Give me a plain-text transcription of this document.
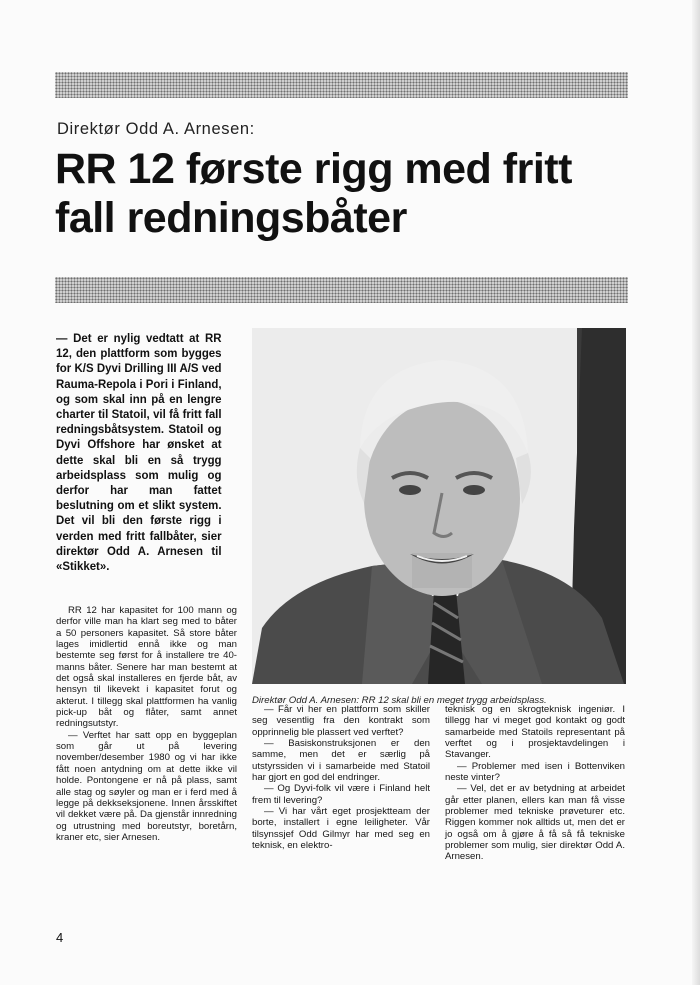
Direktør Odd A. Arnesen:
RR 12 første rigg med fritt fall redningsbåter

— Det er nylig vedtatt at RR 12, den plattform som bygges for K/S Dyvi Drilling III A/S ved Rauma-Repola i Pori i Finland, og som skal inn på en lengre charter til Statoil, vil få fritt fall redningsbåtsystem. Statoil og Dyvi Offshore har ønsket at dette skal bli en så trygg arbeidsplass som mulig og derfor har man fattet beslutning om et slikt system. Det vil bli den første rigg i verden med fritt fallbåter, sier direktør Odd A. Arnesen til «Stikket».

Direktør Odd A. Arnesen: RR 12 skal bli en meget trygg arbeidsplass.

RR 12 har kapasitet for 100 mann og derfor ville man ha klart seg med to båter a 50 personers kapasitet. Så store båter lages imidlertid ennå ikke og man bestemte seg først for å installere tre 40-manns båter. Senere har man bestemt at det også skal installeres en fjerde båt, av hensyn til likevekt i kapasitet forut og akterut. I tillegg skal plattformen ha vanlig pick-up båt og flåter, samt annet redningsutstyr.

— Verftet har satt opp en byggeplan som går ut på levering november/desember 1980 og vi har ikke fått noen antydning om at dette ikke vil holde. Pontongene er nå på plass, samt alle stag og søyler og man er i ferd med å legge på dekkseksjonene. Innen årsskiftet vil dekket være på. Da gjenstår innredning og utrustning med boreutstyr, boretårn, kraner etc, sier Arnesen.

— Får vi her en plattform som skiller seg vesentlig fra den kontrakt som opprinnelig ble plassert ved verftet?

— Basiskonstruksjonen er den samme, men det er særlig på utstyrssiden vi i samarbeide med Statoil har gjort en god del endringer.

— Og Dyvi-folk vil være i Finland helt frem til levering?

— Vi har vårt eget prosjektteam der borte, installert i egne leiligheter. Vår tilsynssjef Odd Gilmyr har med seg en teknisk, en elektro-

teknisk og en skrogteknisk ingeniør. I tillegg har vi meget god kontakt og godt samarbeide med Statoils representant på verftet og i prosjektavdelingen i Stavanger.

— Problemer med isen i Bottenviken neste vinter?

— Vel, det er av betydning at arbeidet går etter planen, ellers kan man få visse problemer med tekniske prøveturer etc. Riggen kommer nok alltids ut, men det er jo også om å gjøre å få så få tekniske problemer som mulig, sier direktør Odd A. Arnesen.

4
